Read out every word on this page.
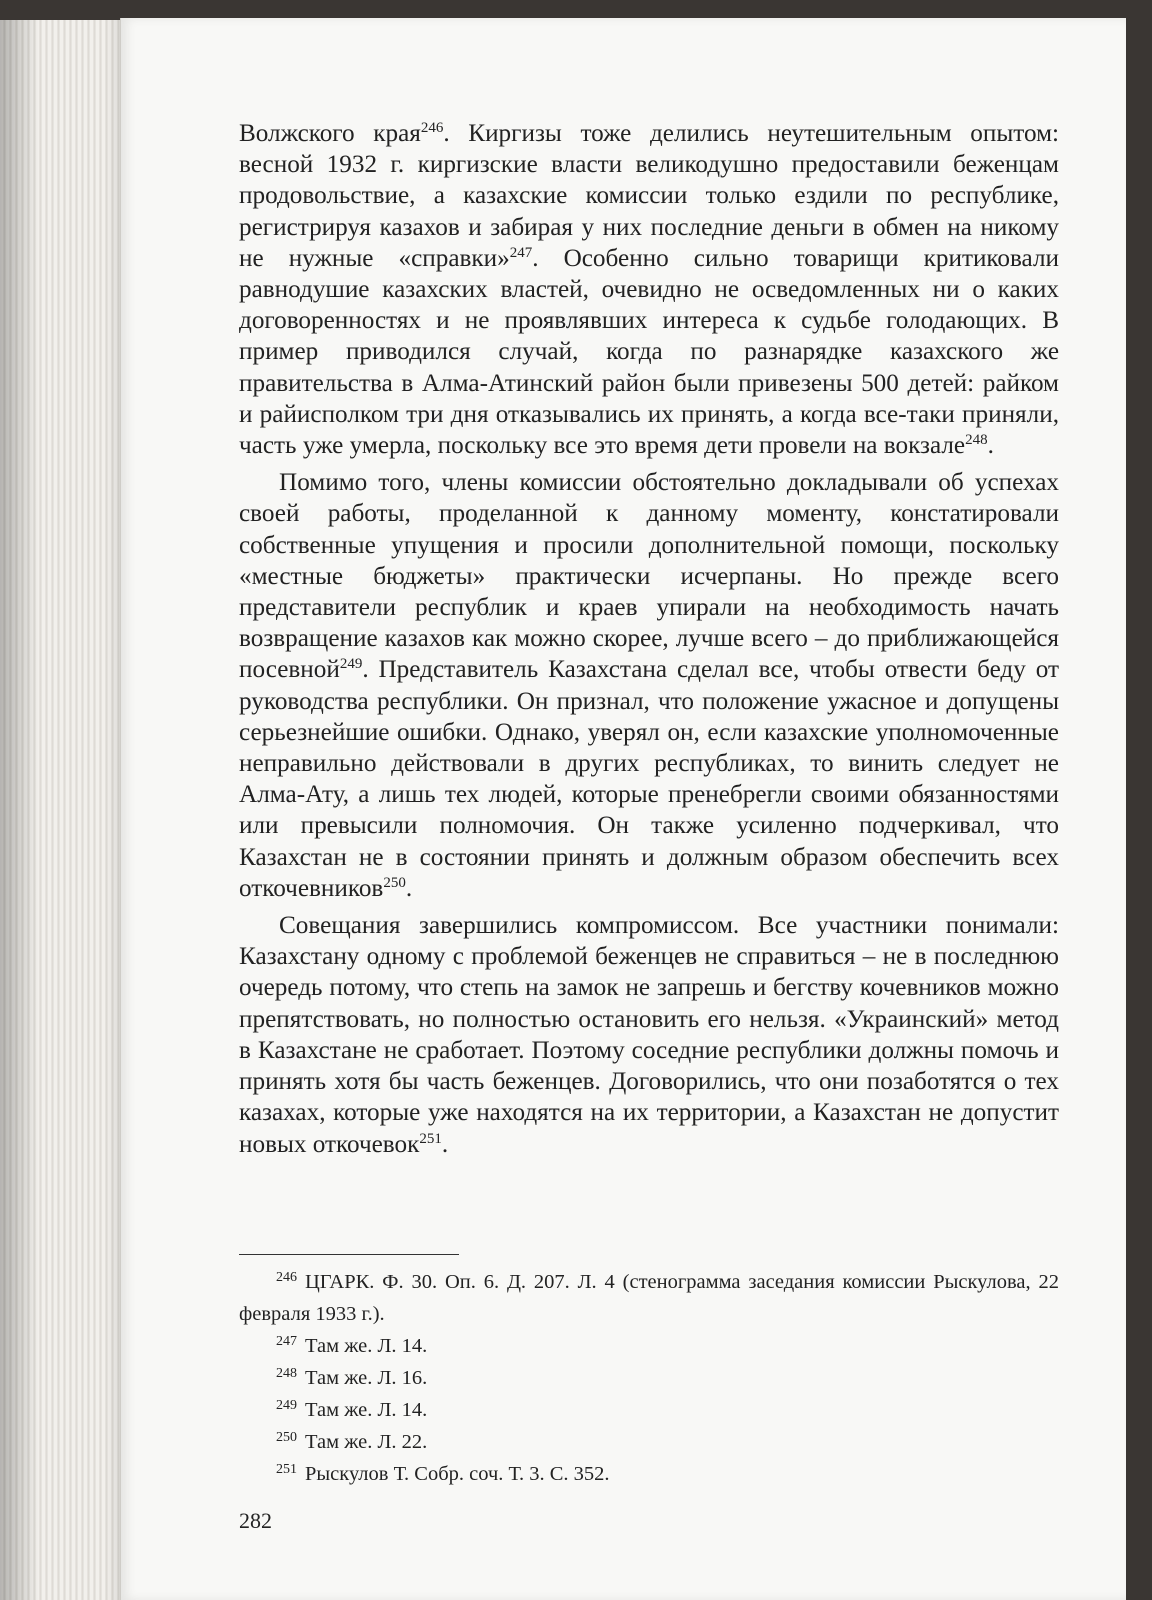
Волжского края$^{246}$. Киргизы тоже делились неутешительным опытом: весной 1932 г. киргизские власти великодушно предоставили беженцам продовольствие, а казахские комиссии только ездили по республике, регистрируя казахов и забирая у них последние деньги в обмен на никому не нужные «справки»$^{247}$. Особенно сильно товарищи критиковали равнодушие казахских властей, очевидно не осведомленных ни о каких договоренностях и не проявлявших интереса к судьбе голодающих. В пример приводился случай, когда по разнарядке казахского же правительства в Алма-Атинский район были привезены 500 детей: райком и райисполком три дня отказывались их принять, а когда все-таки приняли, часть уже умерла, поскольку все это время дети провели на вокзале$^{248}$.

Помимо того, члены комиссии обстоятельно докладывали об успехах своей работы, проделанной к данному моменту, констатировали собственные упущения и просили дополнительной помощи, поскольку «местные бюджеты» практически исчерпаны. Но прежде всего представители республик и краев упирали на необходимость начать возвращение казахов как можно скорее, лучше всего – до приближающейся посевной$^{249}$. Представитель Казахстана сделал все, чтобы отвести беду от руководства республики. Он признал, что положение ужасное и допущены серьезнейшие ошибки. Однако, уверял он, если казахские уполномоченные неправильно действовали в других республиках, то винить следует не Алма-Ату, а лишь тех людей, которые пренебрегли своими обязанностями или превысили полномочия. Он также усиленно подчеркивал, что Казахстан не в состоянии принять и должным образом обеспечить всех откочевников$^{250}$.

Совещания завершились компромиссом. Все участники понимали: Казахстану одному с проблемой беженцев не справиться – не в последнюю очередь потому, что степь на замок не запрешь и бегству кочевников можно препятствовать, но полностью остановить его нельзя. «Украинский» метод в Казахстане не сработает. Поэтому соседние республики должны помочь и принять хотя бы часть беженцев. Договорились, что они позаботятся о тех казахах, которые уже находятся на их территории, а Казахстан не допустит новых откочевок$^{251}$.

$^{246}$ ЦГАРК. Ф. 30. Оп. 6. Д. 207. Л. 4 (стенограмма заседания комиссии Рыскулова, 22 февраля 1933 г.).

$^{247}$ Там же. Л. 14.

$^{248}$ Там же. Л. 16.

$^{249}$ Там же. Л. 14.

$^{250}$ Там же. Л. 22.

$^{251}$ Рыскулов Т. Собр. соч. Т. 3. С. 352.

282
